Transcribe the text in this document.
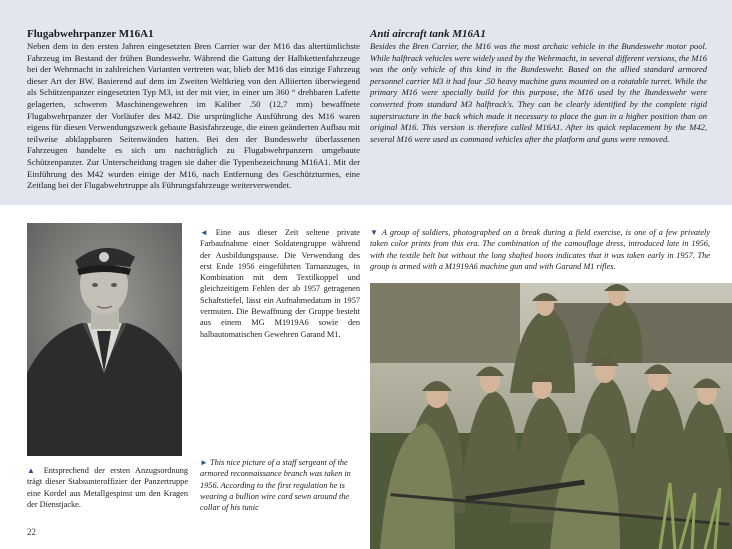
Flugabwehrpanzer M16A1

Neben dem in den ersten Jahren eingesetzten Bren Carrier war der M16 das altertümlichste Fahrzeug im Bestand der frühen Bundeswehr. Während die Gattung der Halbkettenfahrzeuge bei der Wehrmacht in zahlreichen Varianten vertreten war, blieb der M16 das einzige Fahrzeug dieser Art der BW. Basierend auf dem im Zweiten Weltkrieg von den Alliierten überwiegend als Schützenpanzer eingesetzten Typ M3, ist der mit vier, in einer um 360 ° drehbaren Lafette gelagerten, schweren Maschinengewehren im Kaliber .50 (12,7 mm) bewaffnete Flugabwehrpanzer der Vorläufer des M42. Die ursprüngliche Ausführung des M16 waren eigens für diesen Verwendungszweck gebaute Basisfahrzeuge, die einen geänderten Aufbau mit teilweise abklappbaren Seitenwänden hatten. Bei den der Bundeswehr überlassenen Fahrzeugen handelte es sich um nachträglich zu Flugabwehrpanzern umgebaute Schützenpanzer. Zur Unterscheidung tragen sie daher die Typenbezeichnung M16A1. Mit der Einführung des M42 wurden einige der M16, nach Entfernung des Geschützturmes, eine Zeitlang bei der Flugabwehrtruppe als Führungsfahrzeuge weiterverwendet.

Anti aircraft tank M16A1

Besides the Bren Carrier, the M16 was the most archaic vehicle in the Bundeswehr motor pool. While halftrack vehicles were widely used by the Wehrmacht, in several different versions, the M16 was the only vehicle of this kind in the Bundeswehr. Based on the allied standard armored personnel carrier M3 it had four .50 heavy machine guns mounted on a rotatable turret. While the primary M16 were specially build for this purpose, the M16 used by the Bundeswehr were converted from standard M3 halftrack's. They can be clearly identified by the complete rigid superstructure in the back which made it necessary to place the gun in a higher position than on original M16. This version is therefore called M16A1. After its quick replacement by the M42, several M16 were used as command vehicles after the platform and guns were removed.

◄ Eine aus dieser Zeit seltene private Farbaufnahme einer Soldatengruppe während der Ausbildungspause. Die Verwendung des erst Ende 1956 eingeführten Tarnanzuges, in Kombination mit dem Textilkoppel und gleichzeitigem Fehlen der ab 1957 getragenen Schaftstiefel, lässt ein Aufnahmedatum in 1957 vermuten. Die Bewaffnung der Gruppe besteht aus einem MG M1919A6 sowie den halbautomatischen Gewehren Garand M1.

▼ A group of soldiers, photographed on a break during a field exercise, is one of a few privately taken color prints from this era. The combination of the camouflage dress, introduced late in 1956, with the textile belt but without the long shafted boots indicates that it was taken early in 1957. The group is armed with a M1919A6 machine gun and with Garand M1 rifles.

▲ Entsprechend der ersten Anzugsordnung trägt dieser Stabsunteroffizier der Panzertruppe eine Kordel aus Metallgespinst um den Kragen der Dienstjacke.

► This nice picture of a staff sergeant of the armored reconnaissance branch was taken in 1956. According to the first regulation he is wearing a bullion wire cord sewn around the collar of his tunic

22
